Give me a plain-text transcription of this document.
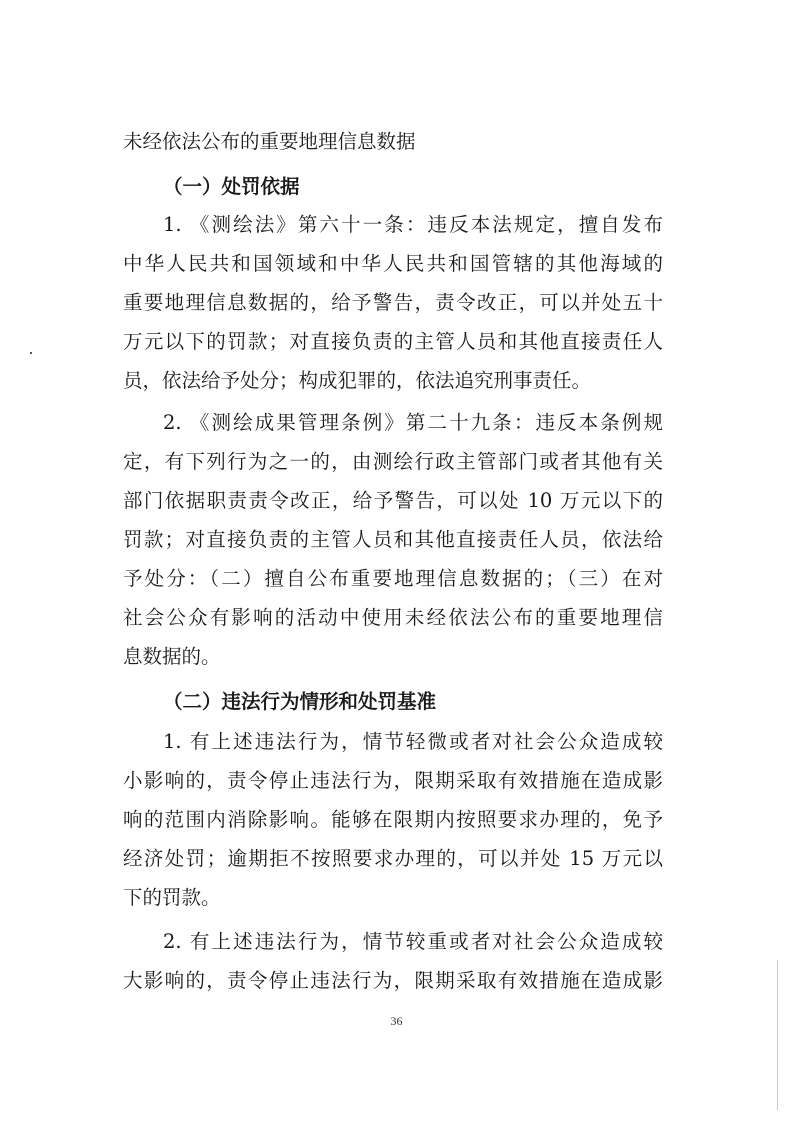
未经依法公布的重要地理信息数据
（一）处罚依据
1. 《测绘法》第六十一条：违反本法规定，擅自发布
中华人民共和国领域和中华人民共和国管辖的其他海域的
重要地理信息数据的，给予警告，责令改正，可以并处五十
万元以下的罚款；对直接负责的主管人员和其他直接责任人
员，依法给予处分；构成犯罪的，依法追究刑事责任。
2. 《测绘成果管理条例》第二十九条：违反本条例规
定，有下列行为之一的，由测绘行政主管部门或者其他有关
部门依据职责责令改正，给予警告，可以处 10 万元以下的
罚款；对直接负责的主管人员和其他直接责任人员，依法给
予处分：（二）擅自公布重要地理信息数据的；（三）在对
社会公众有影响的活动中使用未经依法公布的重要地理信
息数据的。
（二）违法行为情形和处罚基准
1. 有上述违法行为，情节轻微或者对社会公众造成较
小影响的，责令停止违法行为，限期采取有效措施在造成影
响的范围内消除影响。能够在限期内按照要求办理的，免予
经济处罚；逾期拒不按照要求办理的，可以并处 15 万元以
下的罚款。
2. 有上述违法行为，情节较重或者对社会公众造成较
大影响的，责令停止违法行为，限期采取有效措施在造成影
36
